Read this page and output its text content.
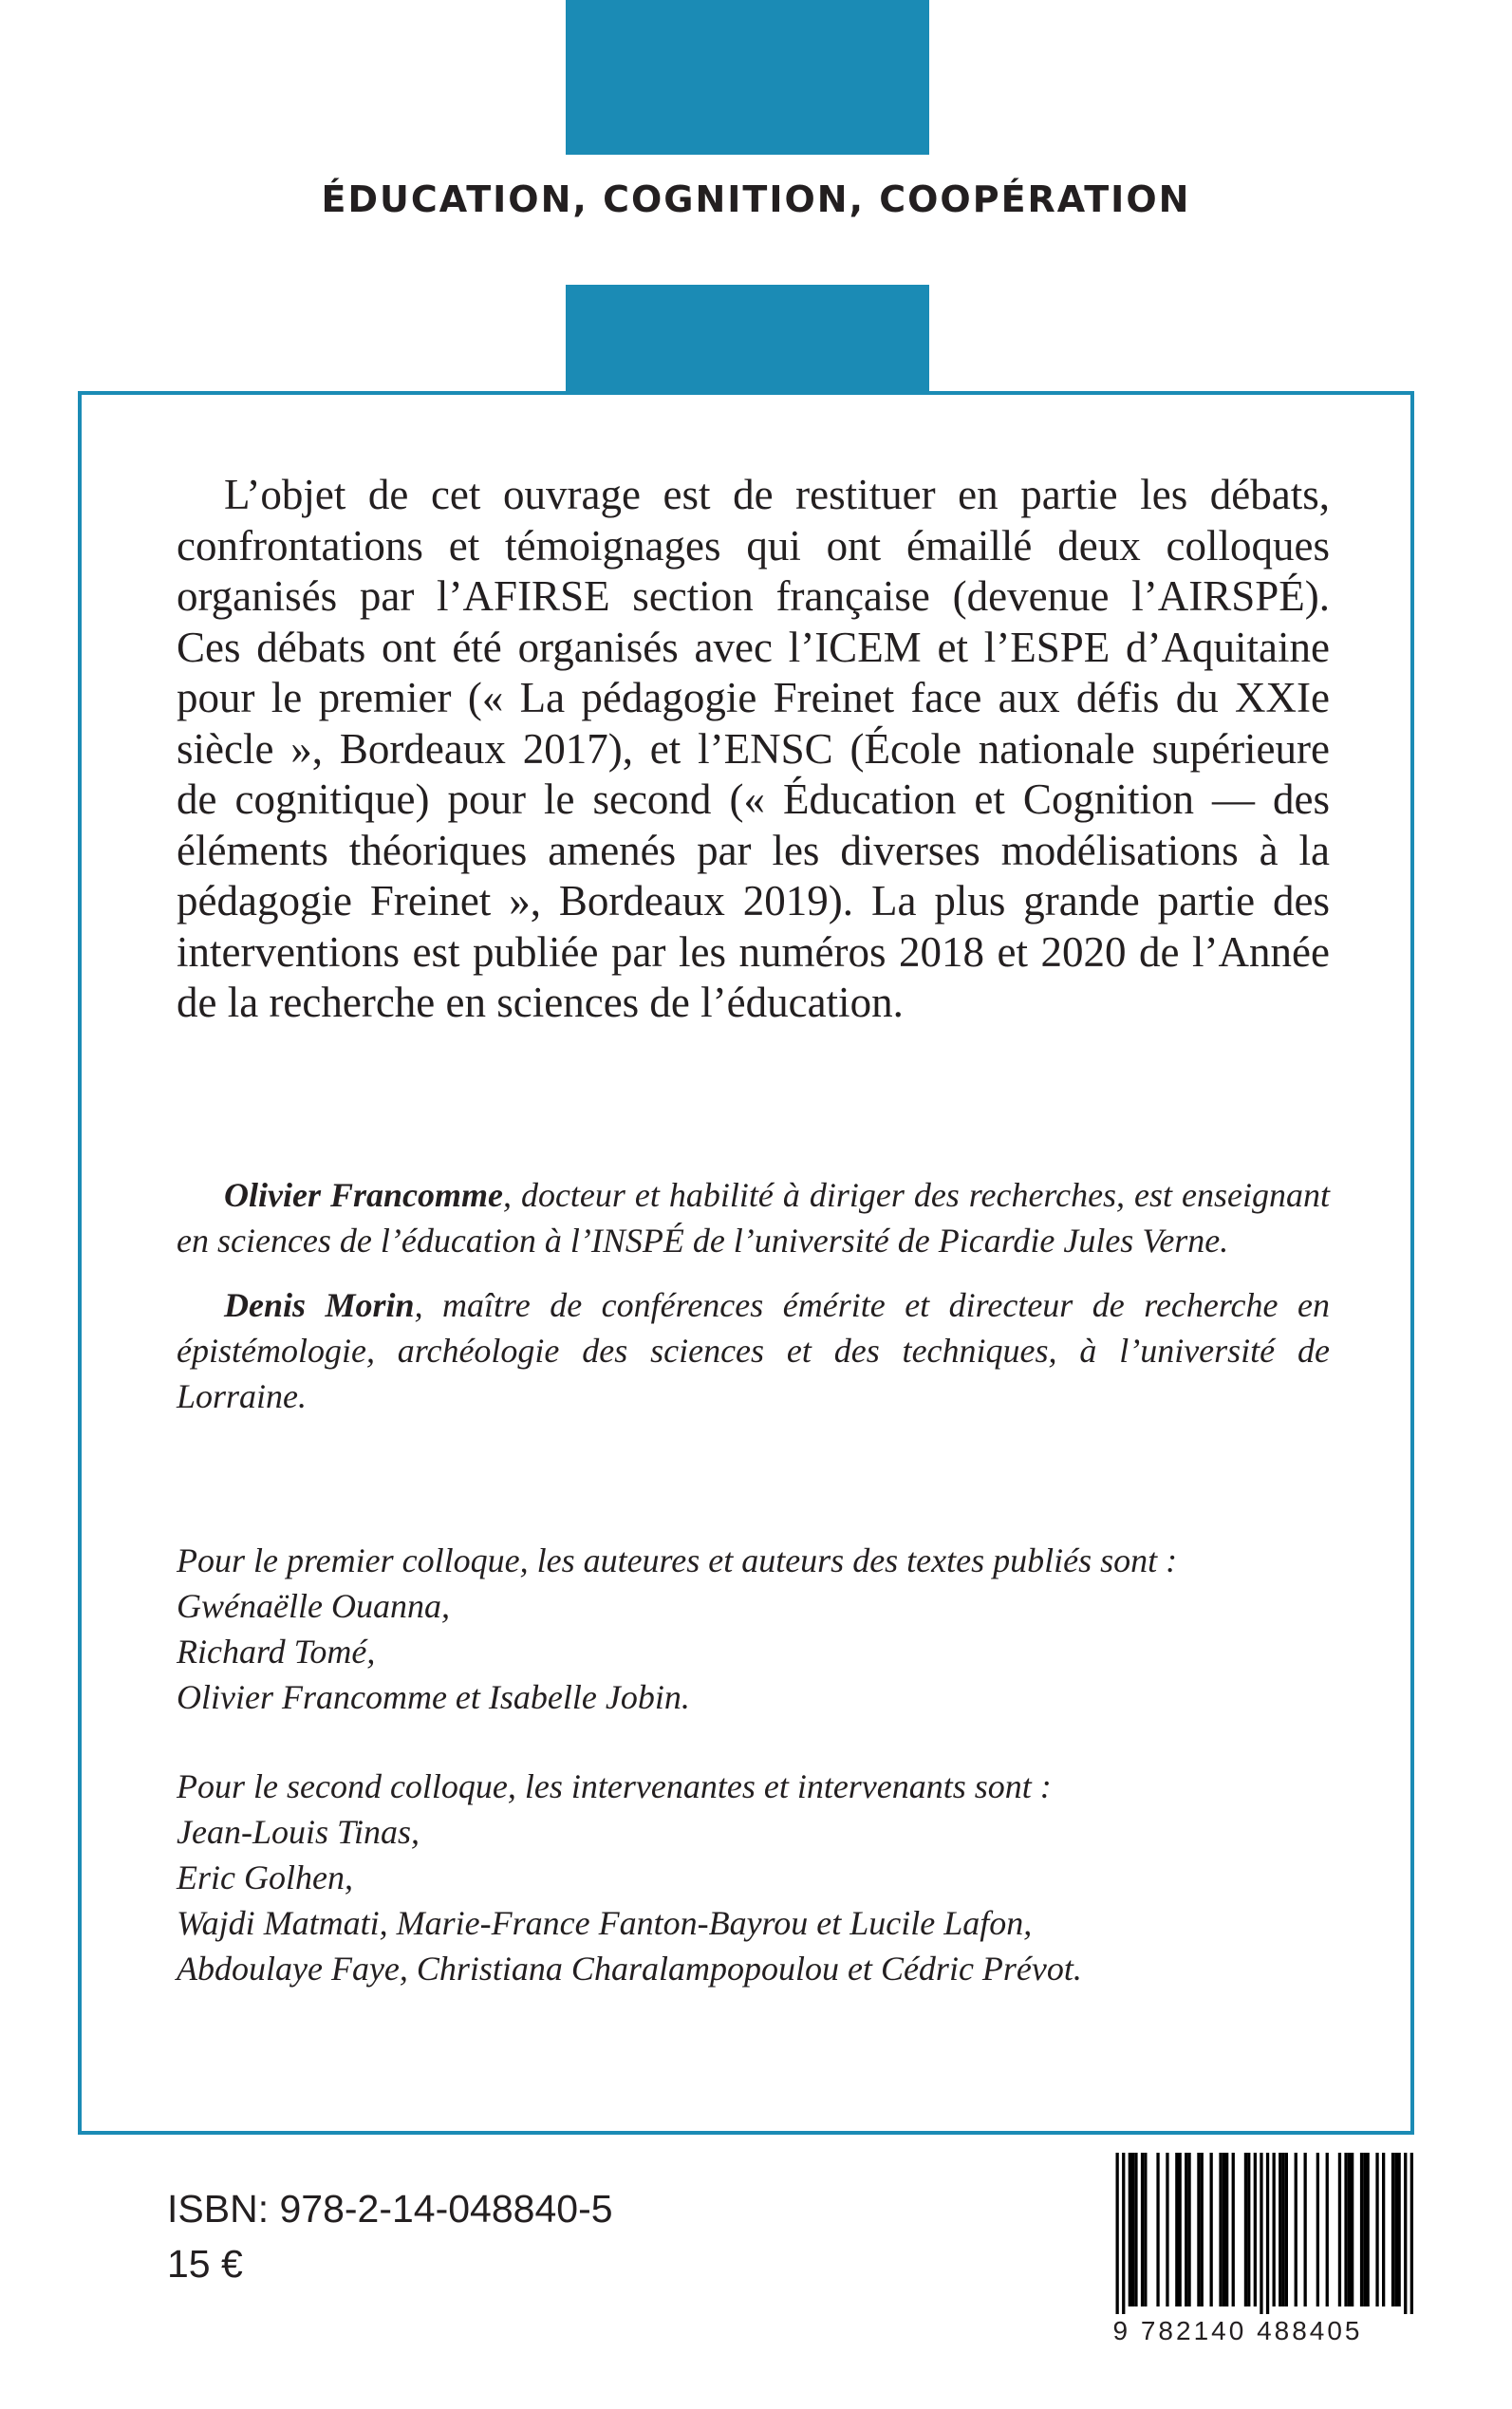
ÉDUCATION, COGNITION, COOPÉRATION

L’objet de cet ouvrage est de restituer en partie les débats, confrontations et témoignages qui ont émaillé deux colloques organisés par l’AFIRSE section française (devenue l’AIRSPÉ). Ces débats ont été organisés avec l’ICEM et l’ESPE d’Aquitaine pour le premier (« La pédagogie Freinet face aux défis du XXIe siècle », Bordeaux 2017), et l’ENSC (École nationale supérieure de cognitique) pour le second (« Éducation et Cognition — des éléments théoriques amenés par les diverses modélisations à la pédagogie Freinet », Bordeaux 2019). La plus grande partie des interventions est publiée par les numéros 2018 et 2020 de l’Année de la recherche en sciences de l’éducation.

Olivier Francomme, docteur et habilité à diriger des recherches, est enseignant en sciences de l’éducation à l’INSPÉ de l’université de Picardie Jules Verne.

Denis Morin, maître de conférences émérite et directeur de recherche en épistémologie, archéologie des sciences et des techniques, à l’université de Lorraine.

Pour le premier colloque, les auteures et auteurs des textes publiés sont :
Gwénaëlle Ouanna,
Richard Tomé,
Olivier Francomme et Isabelle Jobin.
Pour le second colloque, les intervenantes et intervenants sont :
Jean-Louis Tinas,
Eric Golhen,
Wajdi Matmati, Marie-France Fanton-Bayrou et Lucile Lafon,
Abdoulaye Faye, Christiana Charalampopoulou et Cédric Prévot.
ISBN: 978-2-14-048840-5
15 €
9 782140 488405
